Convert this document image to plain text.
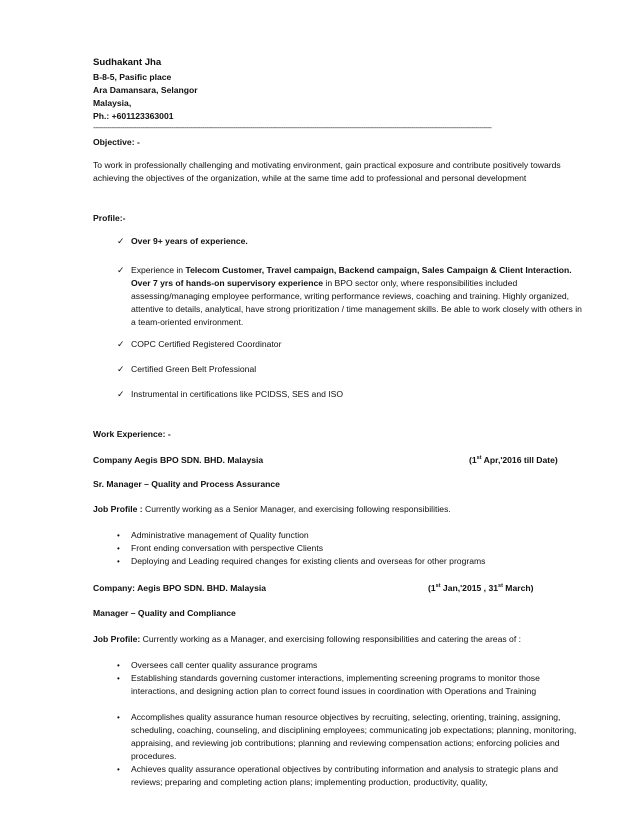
Sudhakant Jha
B-8-5, Pasific place
Ara Damansara, Selangor
Malaysia,
Ph.: +601123363001
-------------------------------------------------------------------------------------------------------------------------------------------------------------------------------------------------
Objective: -
To work in professionally challenging and motivating environment, gain practical exposure and contribute positively towards achieving the objectives of the organization, while at the same time add to professional and personal development
Profile:-
✓ Over 9+ years of experience.
✓ Experience in Telecom Customer, Travel campaign, Backend campaign, Sales Campaign & Client Interaction. Over 7 yrs of hands-on supervisory experience in BPO sector only, where responsibilities included assessing/managing employee performance, writing performance reviews, coaching and training. Highly organized, attentive to details, analytical, have strong prioritization / time management skills. Be able to work closely with others in a team-oriented environment.
✓ COPC Certified Registered Coordinator
✓ Certified Green Belt Professional
✓ Instrumental in certifications like PCIDSS, SES and ISO
Work Experience: -
Company Aegis BPO SDN. BHD. Malaysia	(1st Apr,'2016 till Date)
Sr. Manager – Quality and Process Assurance
Job Profile : Currently working as a Senior Manager, and exercising following responsibilities.
•	Administrative management of Quality function
•	Front ending conversation with perspective Clients
•	Deploying and Leading required changes for existing clients and overseas for other programs
Company: Aegis BPO SDN. BHD. Malaysia	(1st Jan,'2015 , 31st March)
Manager – Quality and Compliance
Job Profile: Currently working as a Manager, and exercising following responsibilities and catering the areas of :
•	Oversees call center quality assurance programs
•	Establishing standards governing customer interactions, implementing screening programs to monitor those interactions, and designing action plan to correct found issues in coordination with Operations and Training
•	Accomplishes quality assurance human resource objectives by recruiting, selecting, orienting, training, assigning, scheduling, coaching, counseling, and disciplining employees; communicating job expectations; planning, monitoring, appraising, and reviewing job contributions; planning and reviewing compensation actions; enforcing policies and procedures.
•	Achieves quality assurance operational objectives by contributing information and analysis to strategic plans and reviews; preparing and completing action plans; implementing production, productivity, quality,
